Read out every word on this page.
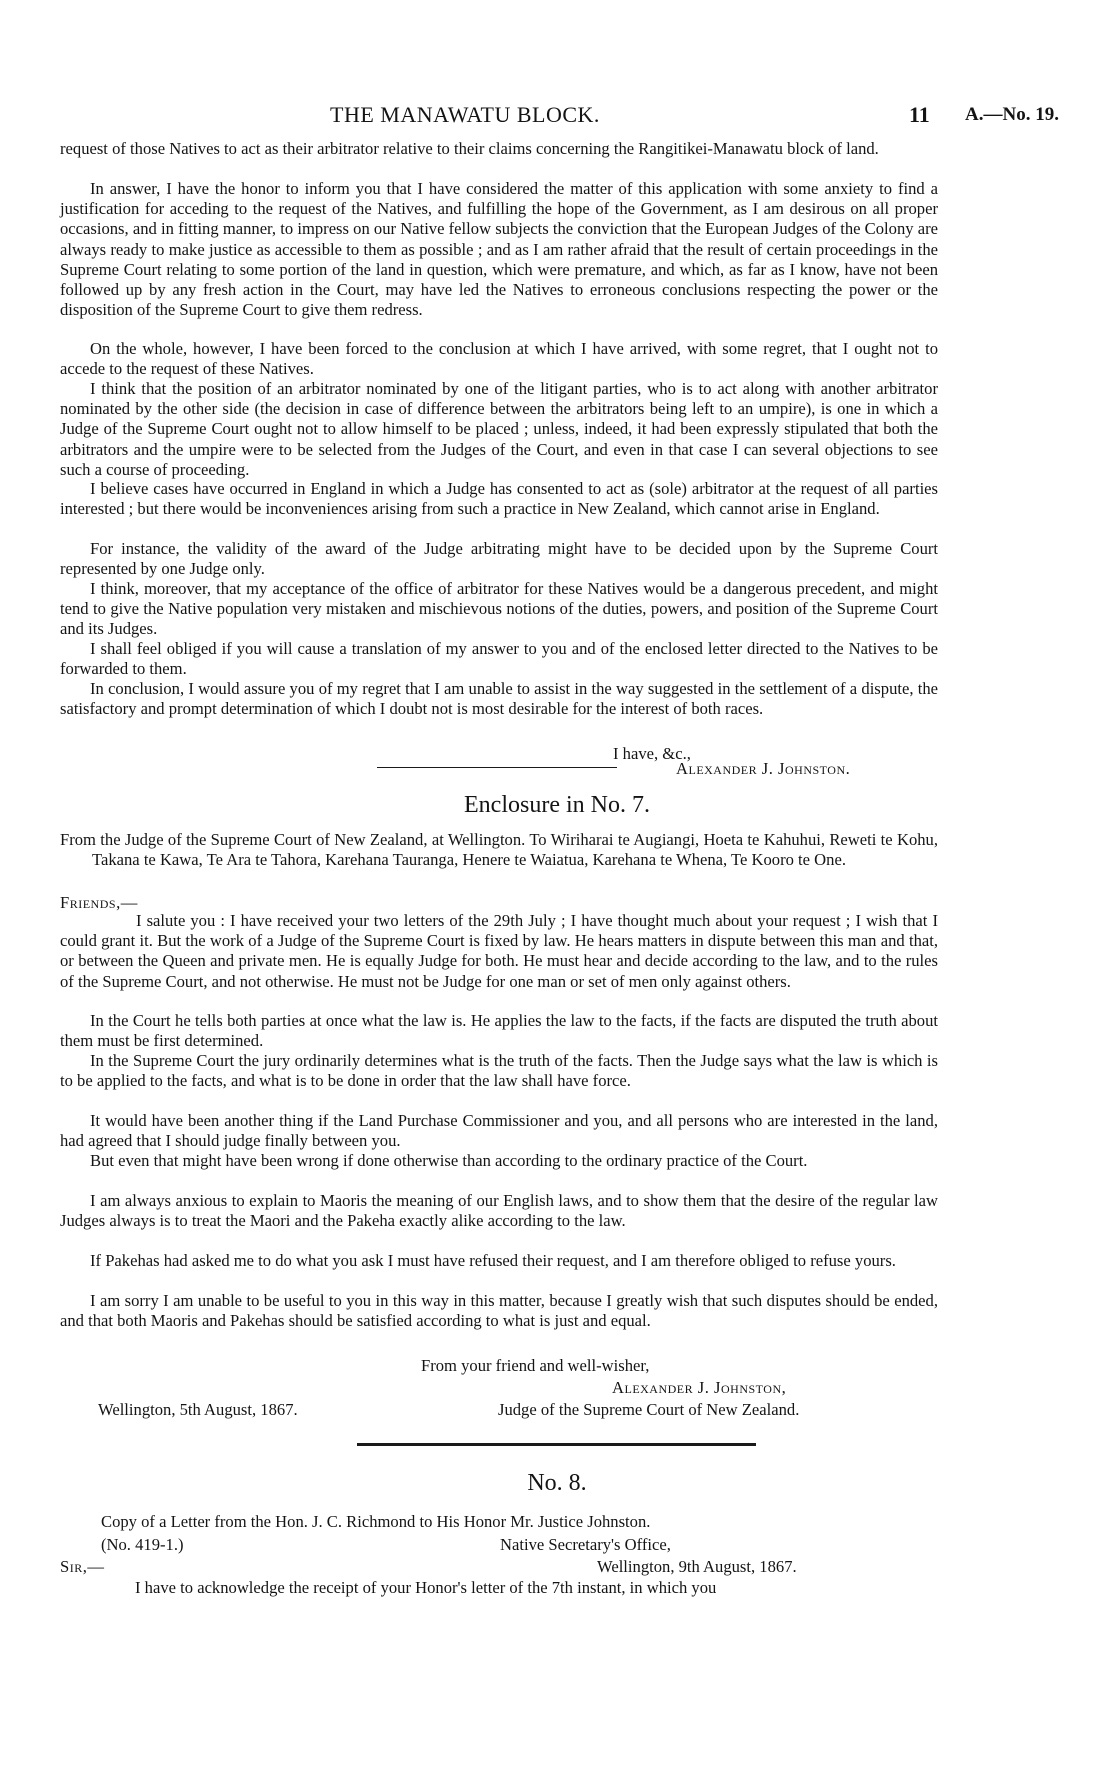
THE MANAWATU BLOCK.	11 A.—No. 19.

request of those Natives to act as their arbitrator relative to their claims concerning the Rangitikei-Manawatu block of land.

In answer, I have the honor to inform you that I have considered the matter of this application with some anxiety to find a justification for acceding to the request of the Natives, and fulfilling the hope of the Government, as I am desirous on all proper occasions, and in fitting manner, to impress on our Native fellow subjects the conviction that the European Judges of the Colony are always ready to make justice as accessible to them as possible ; and as I am rather afraid that the result of certain proceedings in the Supreme Court relating to some portion of the land in question, which were premature, and which, as far as I know, have not been followed up by any fresh action in the Court, may have led the Natives to erroneous conclusions respecting the power or the disposition of the Supreme Court to give them redress.

On the whole, however, I have been forced to the conclusion at which I have arrived, with some regret, that I ought not to accede to the request of these Natives.

I think that the position of an arbitrator nominated by one of the litigant parties, who is to act along with another arbitrator nominated by the other side (the decision in case of difference between the arbitrators being left to an umpire), is one in which a Judge of the Supreme Court ought not to allow himself to be placed ; unless, indeed, it had been expressly stipulated that both the arbitrators and the umpire were to be selected from the Judges of the Court, and even in that case I can several objections to see such a course of proceeding.

I believe cases have occurred in England in which a Judge has consented to act as (sole) arbitrator at the request of all parties interested ; but there would be inconveniences arising from such a practice in New Zealand, which cannot arise in England.

For instance, the validity of the award of the Judge arbitrating might have to be decided upon by the Supreme Court represented by one Judge only.

I think, moreover, that my acceptance of the office of arbitrator for these Natives would be a dangerous precedent, and might tend to give the Native population very mistaken and mischievous notions of the duties, powers, and position of the Supreme Court and its Judges.

I shall feel obliged if you will cause a translation of my answer to you and of the enclosed letter directed to the Natives to be forwarded to them.

In conclusion, I would assure you of my regret that I am unable to assist in the way suggested in the settlement of a dispute, the satisfactory and prompt determination of which I doubt not is most desirable for the interest of both races.

I have, &c.,
Alexander J. Johnston.
Enclosure in No. 7.

From the Judge of the Supreme Court of New Zealand, at Wellington. To Wiriharai te Augiangi, Hoeta te Kahuhui, Reweti te Kohu, Takana te Kawa, Te Ara te Tahora, Karehana Tauranga, Henere te Waiatua, Karehana te Whena, Te Kooro te One.

Friends,—

I salute you : I have received your two letters of the 29th July ; I have thought much about your request ; I wish that I could grant it. But the work of a Judge of the Supreme Court is fixed by law. He hears matters in dispute between this man and that, or between the Queen and private men. He is equally Judge for both. He must hear and decide according to the law, and to the rules of the Supreme Court, and not otherwise. He must not be Judge for one man or set of men only against others.

In the Court he tells both parties at once what the law is. He applies the law to the facts, if the facts are disputed the truth about them must be first determined.

In the Supreme Court the jury ordinarily determines what is the truth of the facts. Then the Judge says what the law is which is to be applied to the facts, and what is to be done in order that the law shall have force.

It would have been another thing if the Land Purchase Commissioner and you, and all persons who are interested in the land, had agreed that I should judge finally between you.

But even that might have been wrong if done otherwise than according to the ordinary practice of the Court.

I am always anxious to explain to Maoris the meaning of our English laws, and to show them that the desire of the regular law Judges always is to treat the Maori and the Pakeha exactly alike according to the law.

If Pakehas had asked me to do what you ask I must have refused their request, and I am therefore obliged to refuse yours.

I am sorry I am unable to be useful to you in this way in this matter, because I greatly wish that such disputes should be ended, and that both Maoris and Pakehas should be satisfied according to what is just and equal.

From your friend and well-wisher,
Alexander J. Johnston,
Wellington, 5th August, 1867.	Judge of the Supreme Court of New Zealand.
No. 8.
Copy of a Letter from the Hon. J. C. Richmond to His Honor Mr. Justice Johnston.
(No. 419-1.)	Native Secretary's Office,
Sir,—	Wellington, 9th August, 1867.
I have to acknowledge the receipt of your Honor's letter of the 7th instant, in which you
